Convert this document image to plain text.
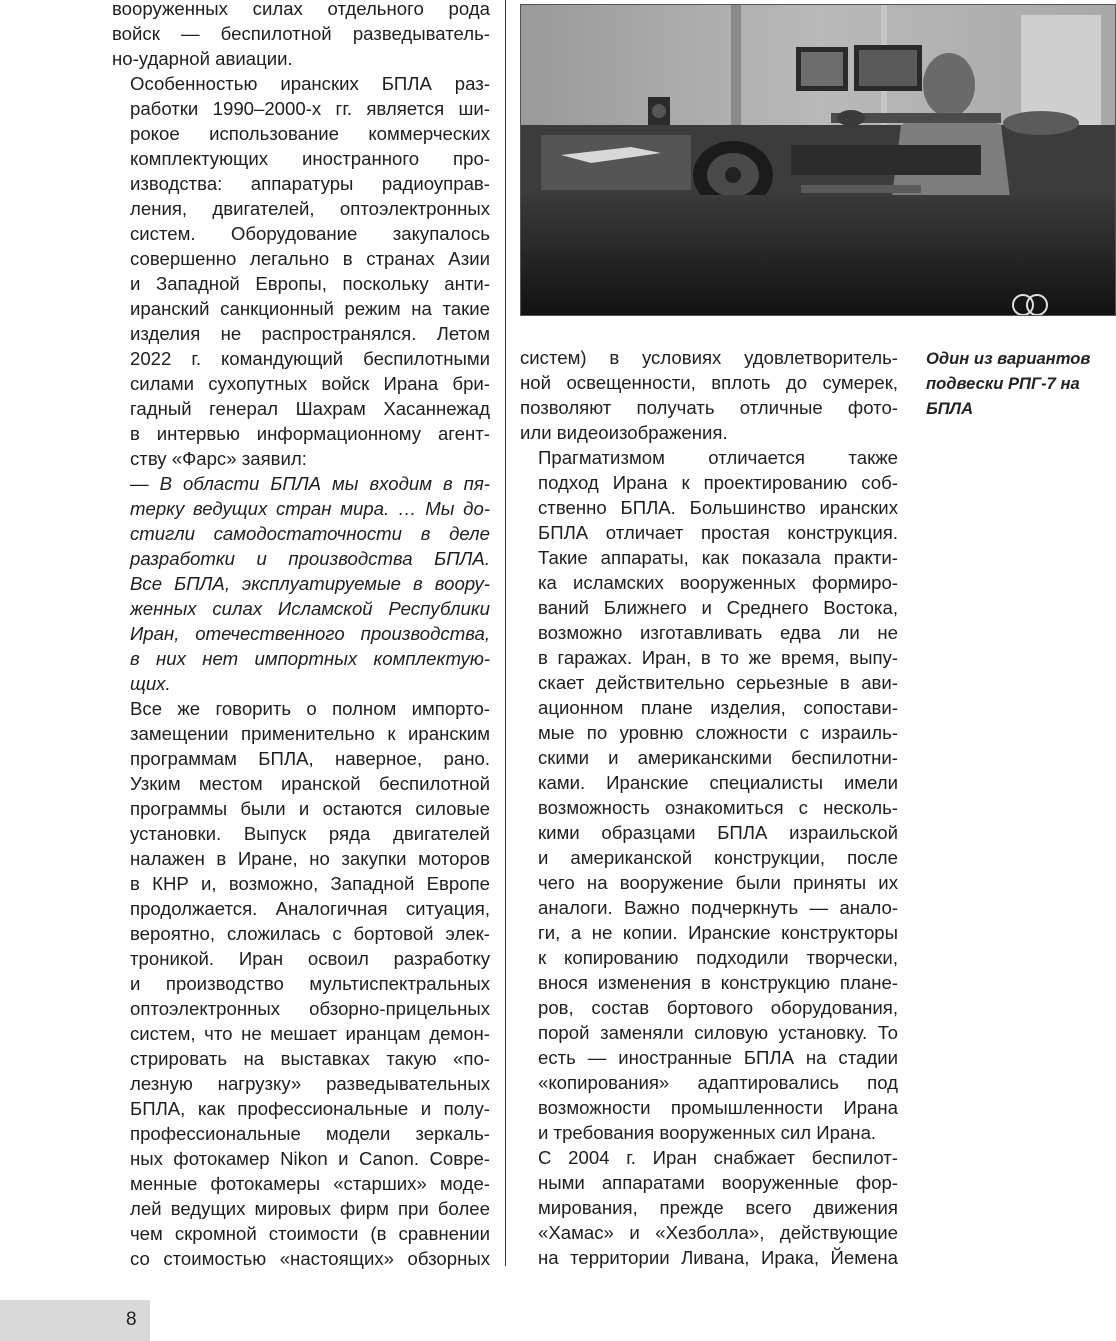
вооруженных силах отдельного рода
войск — беспилотной разведыватель-
но-ударной авиации.

Особенностью иранских БПЛА раз-
работки 1990–2000-х гг. является ши-
рокое использование коммерческих
комплектующих иностранного про-
изводства: аппаратуры радиоуправ-
ления, двигателей, оптоэлектронных
систем. Оборудование закупалось
совершенно легально в странах Азии
и Западной Европы, поскольку анти-
иранский санкционный режим на такие
изделия не распространялся. Летом
2022 г. командующий беспилотными
силами сухопутных войск Ирана бри-
гадный генерал Шахрам Хасаннежад
в интервью информационному агент-
ству «Фарс» заявил:

— В области БПЛА мы входим в пя-
терку ведущих стран мира. … Мы до-
стигли самодостаточности в деле
разработки и производства БПЛА.
Все БПЛА, эксплуатируемые в воору-
женных силах Исламской Республики
Иран, отечественного производства,
в них нет импортных комплектую-
щих.

Все же говорить о полном импорто-
замещении применительно к иранским
программам БПЛА, наверное, рано.
Узким местом иранской беспилотной
программы были и остаются силовые
установки. Выпуск ряда двигателей
налажен в Иране, но закупки моторов
в КНР и, возможно, Западной Европе
продолжается. Аналогичная ситуация,
вероятно, сложилась с бортовой элек-
троникой. Иран освоил разработку
и производство мультиспектральных
оптоэлектронных обзорно-прицельных
систем, что не мешает иранцам демон-
стрировать на выставках такую «по-
лезную нагрузку» разведывательных
БПЛА, как профессиональные и полу-
профессиональные модели зеркаль-
ных фотокамер Nikon и Canon. Совре-
менные фотокамеры «старших» моде-
лей ведущих мировых фирм при более
чем скромной стоимости (в сравнении
со стоимостью «настоящих» обзорных

систем) в условиях удовлетворитель-
ной освещенности, вплоть до сумерек,
позволяют получать отличные фото-
или видеоизображения.

Прагматизмом отличается также
подход Ирана к проектированию соб-
ственно БПЛА. Большинство иранских
БПЛА отличает простая конструкция.
Такие аппараты, как показала практи-
ка исламских вооруженных формиро-
ваний Ближнего и Среднего Востока,
возможно изготавливать едва ли не
в гаражах. Иран, в то же время, выпу-
скает действительно серьезные в ави-
ационном плане изделия, сопостави-
мые по уровню сложности с израиль-
скими и американскими беспилотни-
ками. Иранские специалисты имели
возможность ознакомиться с несколь-
кими образцами БПЛА израильской
и американской конструкции, после
чего на вооружение были приняты их
аналоги. Важно подчеркнуть — анало-
ги, а не копии. Иранские конструкторы
к копированию подходили творчески,
внося изменения в конструкцию плане-
ров, состав бортового оборудования,
порой заменяли силовую установку. То
есть — иностранные БПЛА на стадии
«копирования» адаптировались под
возможности промышленности Ирана
и требования вооруженных сил Ирана.

С 2004 г. Иран снабжает беспилот-
ными аппаратами вооруженные фор-
мирования, прежде всего движения
«Хамас» и «Хезболла», действующие
на территории Ливана, Ирака, Йемена

Один из вариантов
подвески РПГ-7 на
БПЛА
8
